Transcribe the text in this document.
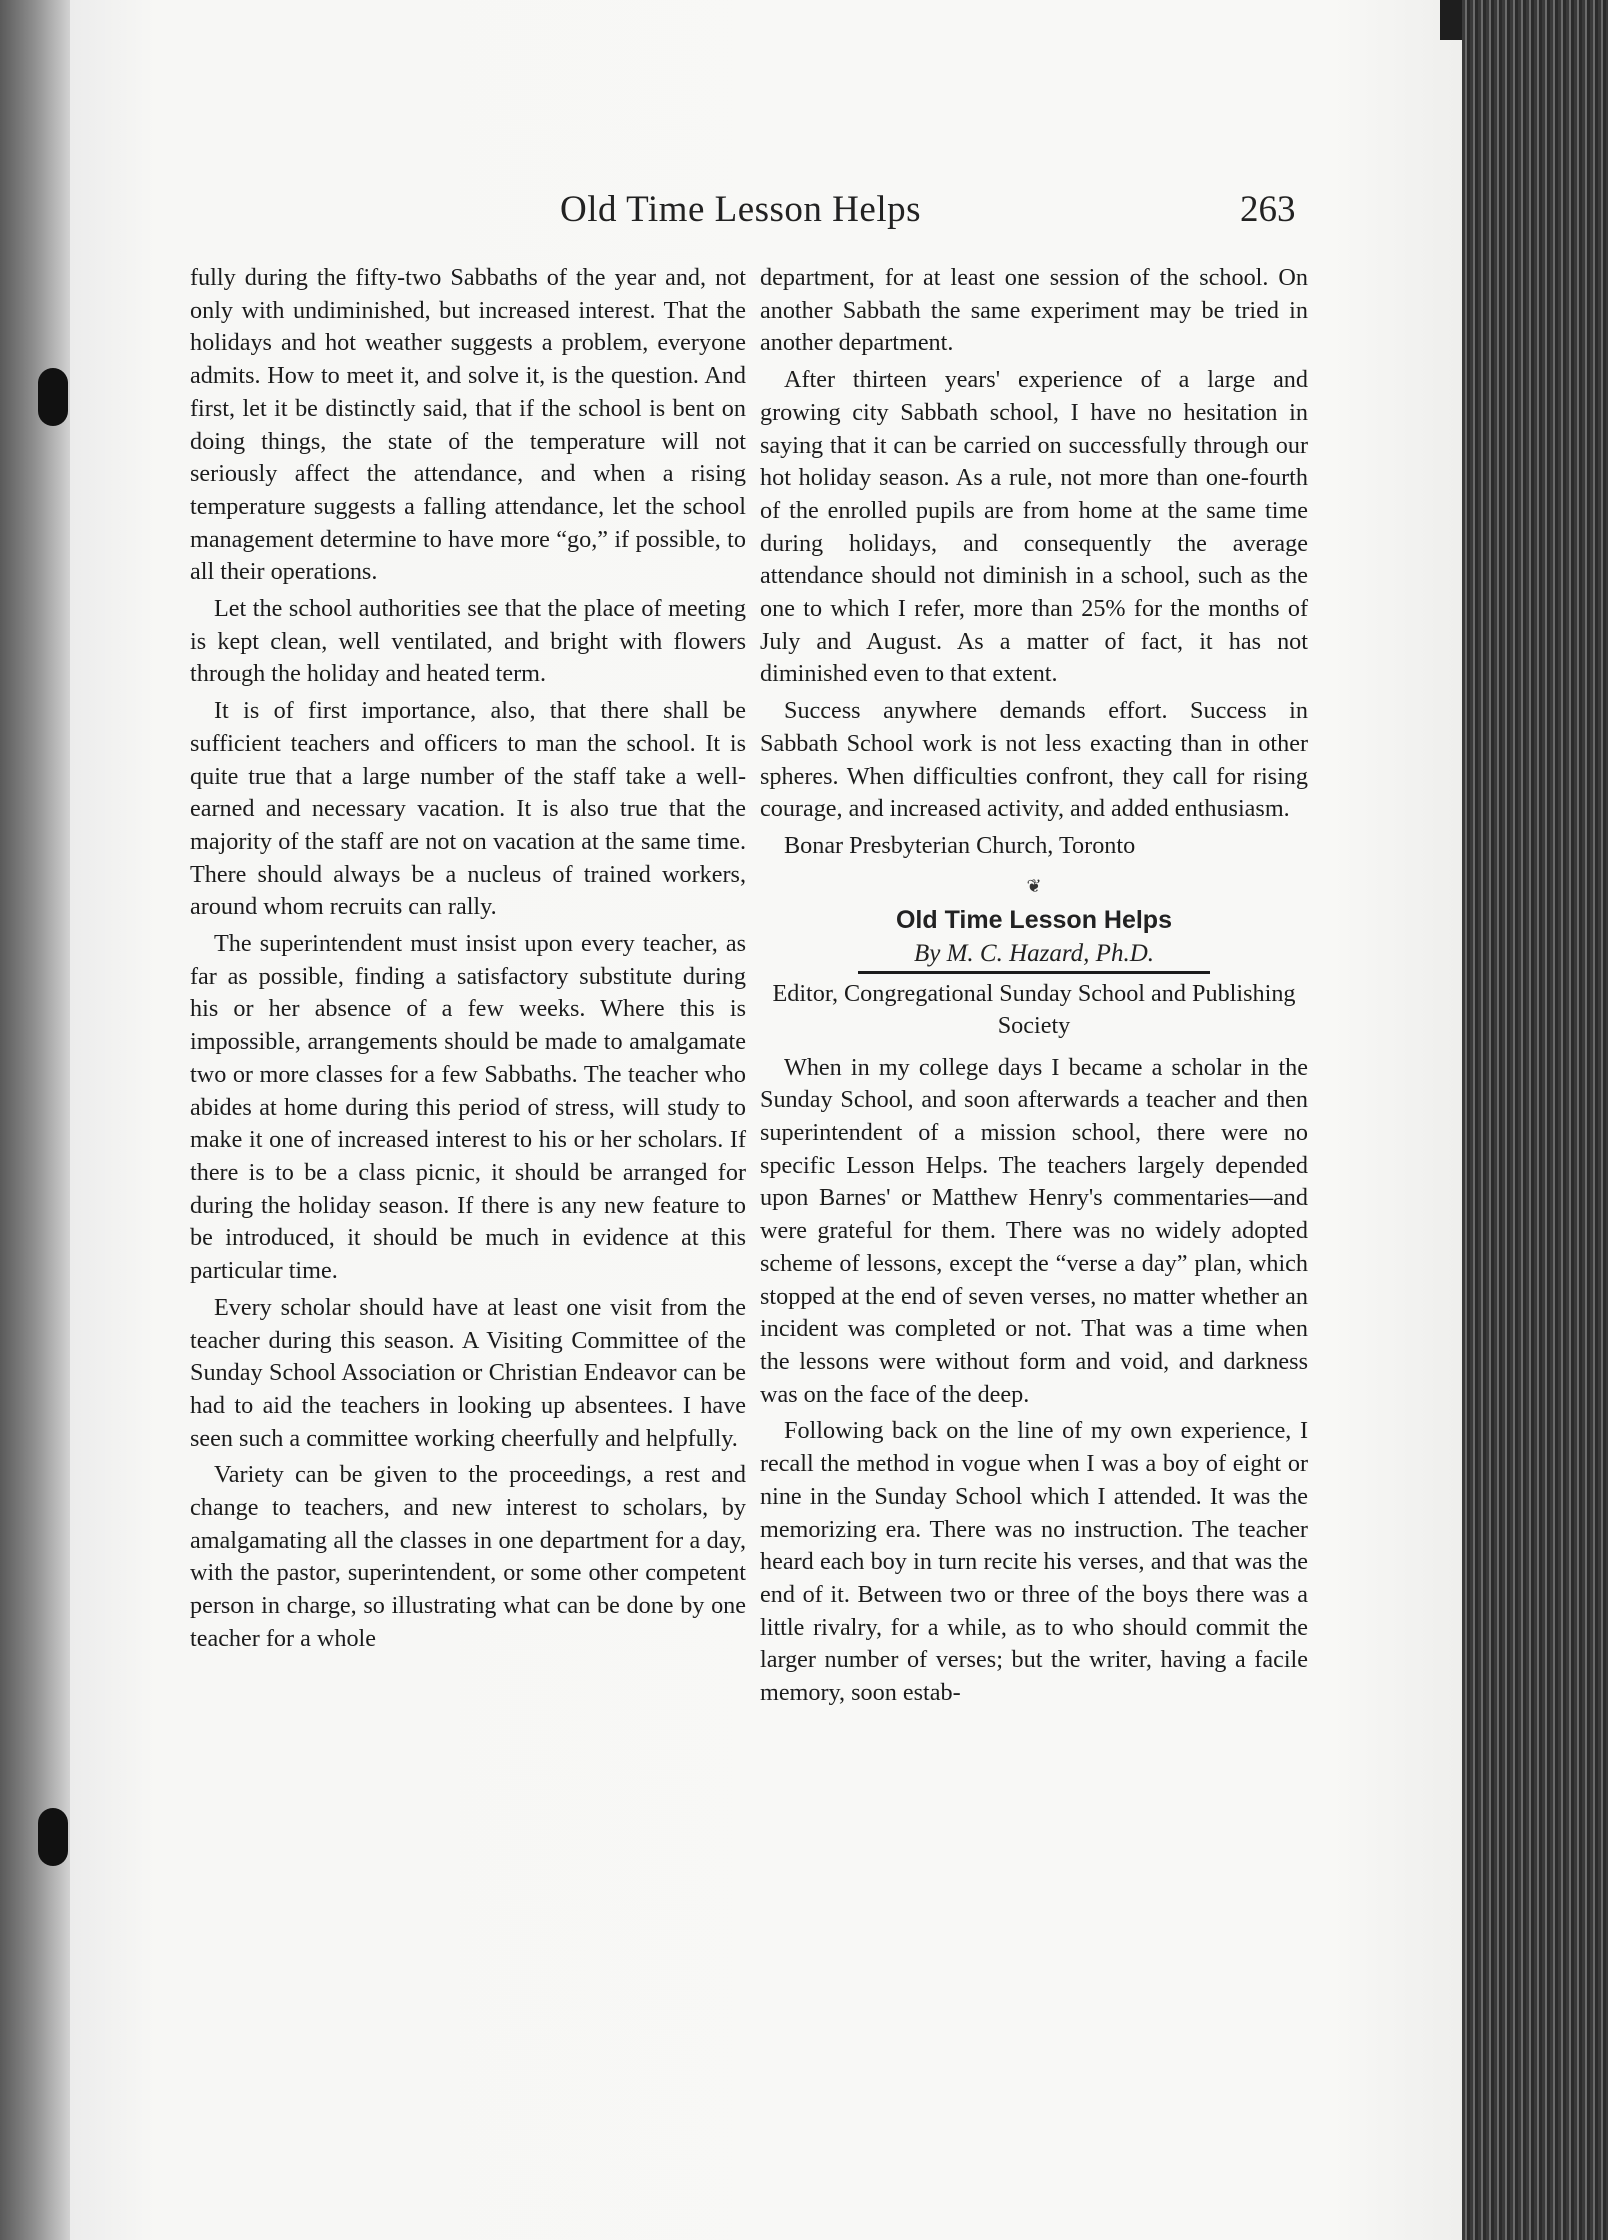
Old Time Lesson Helps	263

fully during the fifty-two Sabbaths of the year and, not only with undiminished, but increased interest. That the holidays and hot weather suggests a problem, everyone admits. How to meet it, and solve it, is the question. And first, let it be distinctly said, that if the school is bent on doing things, the state of the temperature will not seriously affect the attendance, and when a rising temperature suggests a falling attendance, let the school management determine to have more “go,” if possible, to all their operations.

Let the school authorities see that the place of meeting is kept clean, well ventilated, and bright with flowers through the holiday and heated term.

It is of first importance, also, that there shall be sufficient teachers and officers to man the school. It is quite true that a large number of the staff take a well-earned and necessary vacation. It is also true that the majority of the staff are not on vacation at the same time. There should always be a nucleus of trained workers, around whom recruits can rally.

The superintendent must insist upon every teacher, as far as possible, finding a satisfactory substitute during his or her absence of a few weeks. Where this is impossible, arrangements should be made to amalgamate two or more classes for a few Sabbaths. The teacher who abides at home during this period of stress, will study to make it one of increased interest to his or her scholars. If there is to be a class picnic, it should be arranged for during the holiday season. If there is any new feature to be introduced, it should be much in evidence at this particular time.

Every scholar should have at least one visit from the teacher during this season. A Visiting Committee of the Sunday School Association or Christian Endeavor can be had to aid the teachers in looking up absentees. I have seen such a committee working cheerfully and helpfully.

Variety can be given to the proceedings, a rest and change to teachers, and new interest to scholars, by amalgamating all the classes in one department for a day, with the pastor, superintendent, or some other competent person in charge, so illustrating what can be done by one teacher for a whole

department, for at least one session of the school. On another Sabbath the same experiment may be tried in another department.

After thirteen years' experience of a large and growing city Sabbath school, I have no hesitation in saying that it can be carried on successfully through our hot holiday season. As a rule, not more than one-fourth of the enrolled pupils are from home at the same time during holidays, and consequently the average attendance should not diminish in a school, such as the one to which I refer, more than 25% for the months of July and August. As a matter of fact, it has not diminished even to that extent.

Success anywhere demands effort. Success in Sabbath School work is not less exacting than in other spheres. When difficulties confront, they call for rising courage, and increased activity, and added enthusiasm.

Bonar Presbyterian Church, Toronto

❦
Old Time Lesson Helps
By M. C. Hazard, Ph.D.
Editor, Congregational Sunday School and Publishing Society

When in my college days I became a scholar in the Sunday School, and soon afterwards a teacher and then superintendent of a mission school, there were no specific Lesson Helps. The teachers largely depended upon Barnes' or Matthew Henry's commentaries—and were grateful for them. There was no widely adopted scheme of lessons, except the “verse a day” plan, which stopped at the end of seven verses, no matter whether an incident was completed or not. That was a time when the lessons were without form and void, and darkness was on the face of the deep.

Following back on the line of my own experience, I recall the method in vogue when I was a boy of eight or nine in the Sunday School which I attended. It was the memorizing era. There was no instruction. The teacher heard each boy in turn recite his verses, and that was the end of it. Between two or three of the boys there was a little rivalry, for a while, as to who should commit the larger number of verses; but the writer, having a facile memory, soon estab-
